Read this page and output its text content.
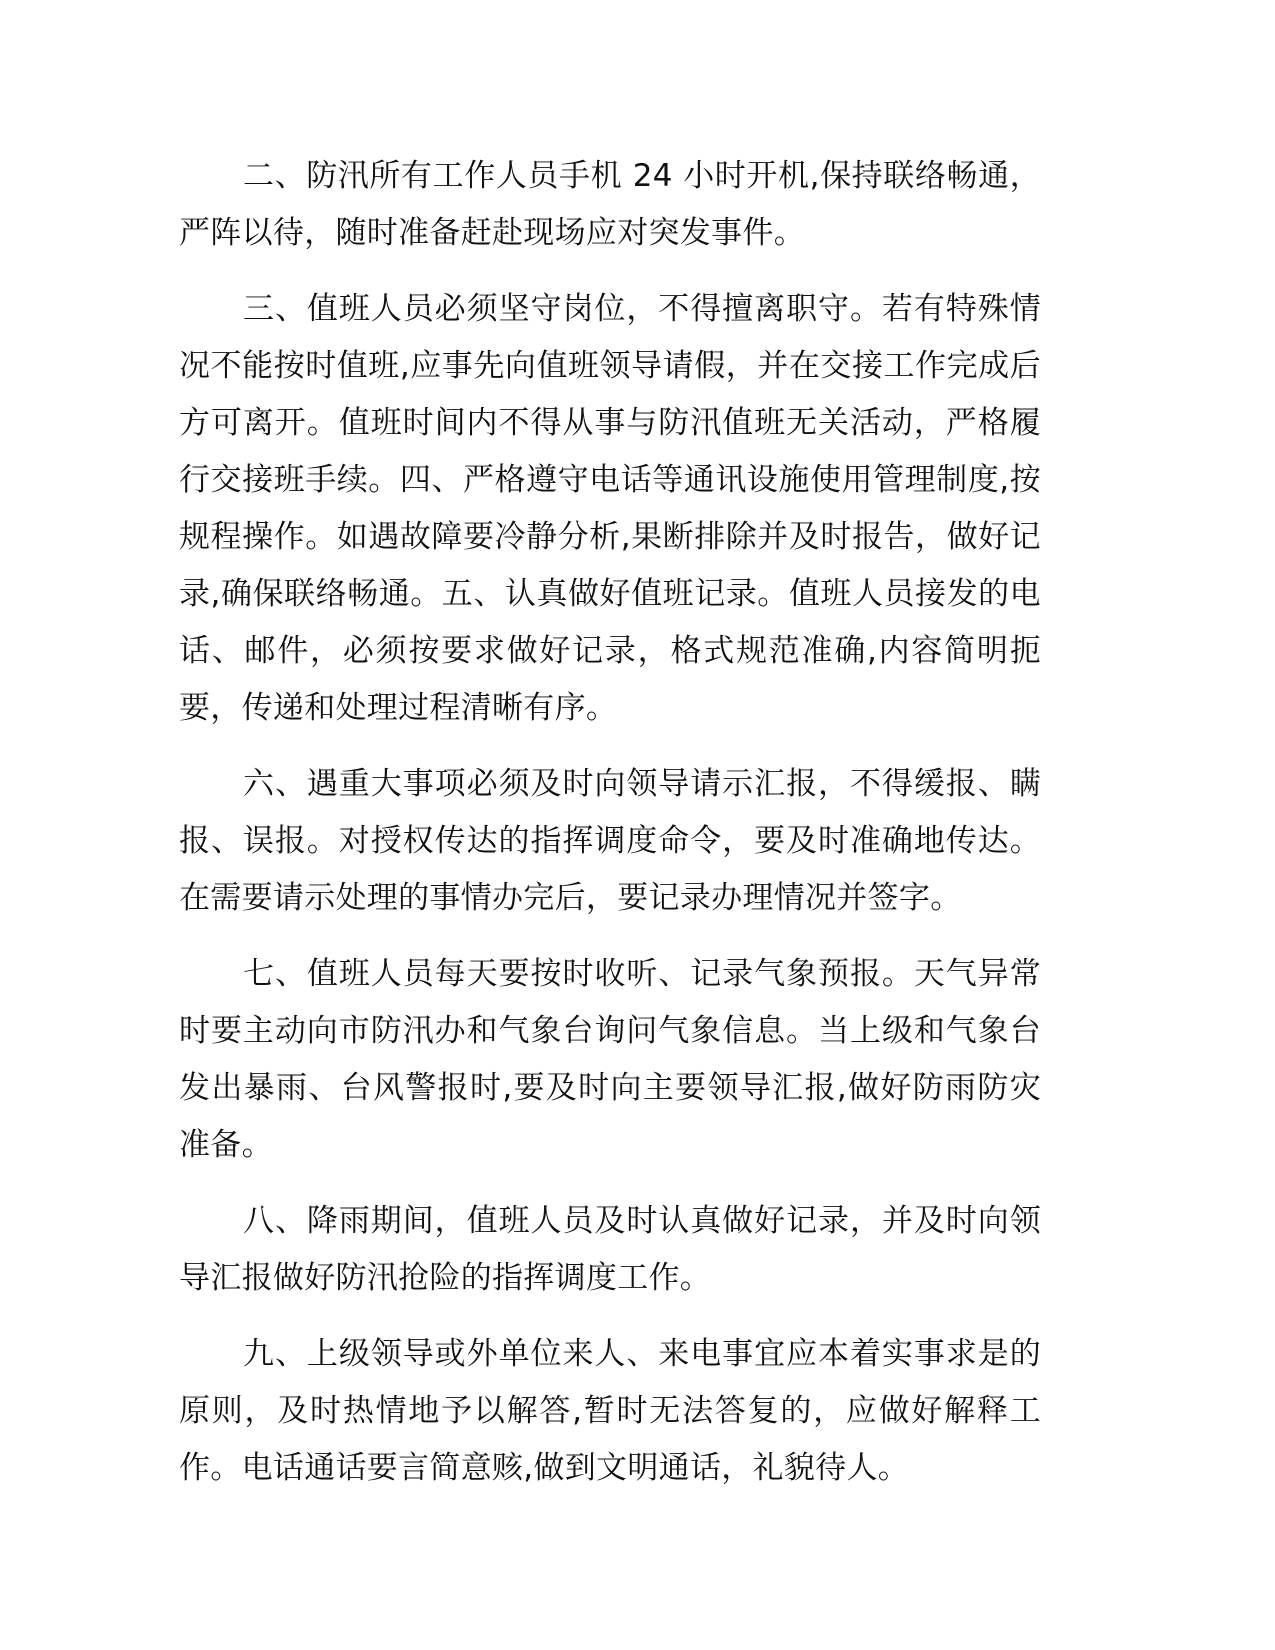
二、防汛所有工作人员手机 24 小时开机,保持联络畅通，严阵以待，随时准备赶赴现场应对突发事件。

三、值班人员必须坚守岗位，不得擅离职守。若有特殊情况不能按时值班,应事先向值班领导请假，并在交接工作完成后方可离开。值班时间内不得从事与防汛值班无关活动，严格履行交接班手续。四、严格遵守电话等通讯设施使用管理制度,按规程操作。如遇故障要冷静分析,果断排除并及时报告，做好记录,确保联络畅通。五、认真做好值班记录。值班人员接发的电话、邮件，必须按要求做好记录，格式规范准确,内容简明扼要，传递和处理过程清晰有序。

六、遇重大事项必须及时向领导请示汇报，不得缓报、瞒报、误报。对授权传达的指挥调度命令，要及时准确地传达。在需要请示处理的事情办完后，要记录办理情况并签字。

七、值班人员每天要按时收听、记录气象预报。天气异常时要主动向市防汛办和气象台询问气象信息。当上级和气象台发出暴雨、台风警报时,要及时向主要领导汇报,做好防雨防灾准备。

八、降雨期间，值班人员及时认真做好记录，并及时向领导汇报做好防汛抢险的指挥调度工作。

九、上级领导或外单位来人、来电事宜应本着实事求是的原则，及时热情地予以解答,暂时无法答复的，应做好解释工作。电话通话要言简意赅,做到文明通话，礼貌待人。
